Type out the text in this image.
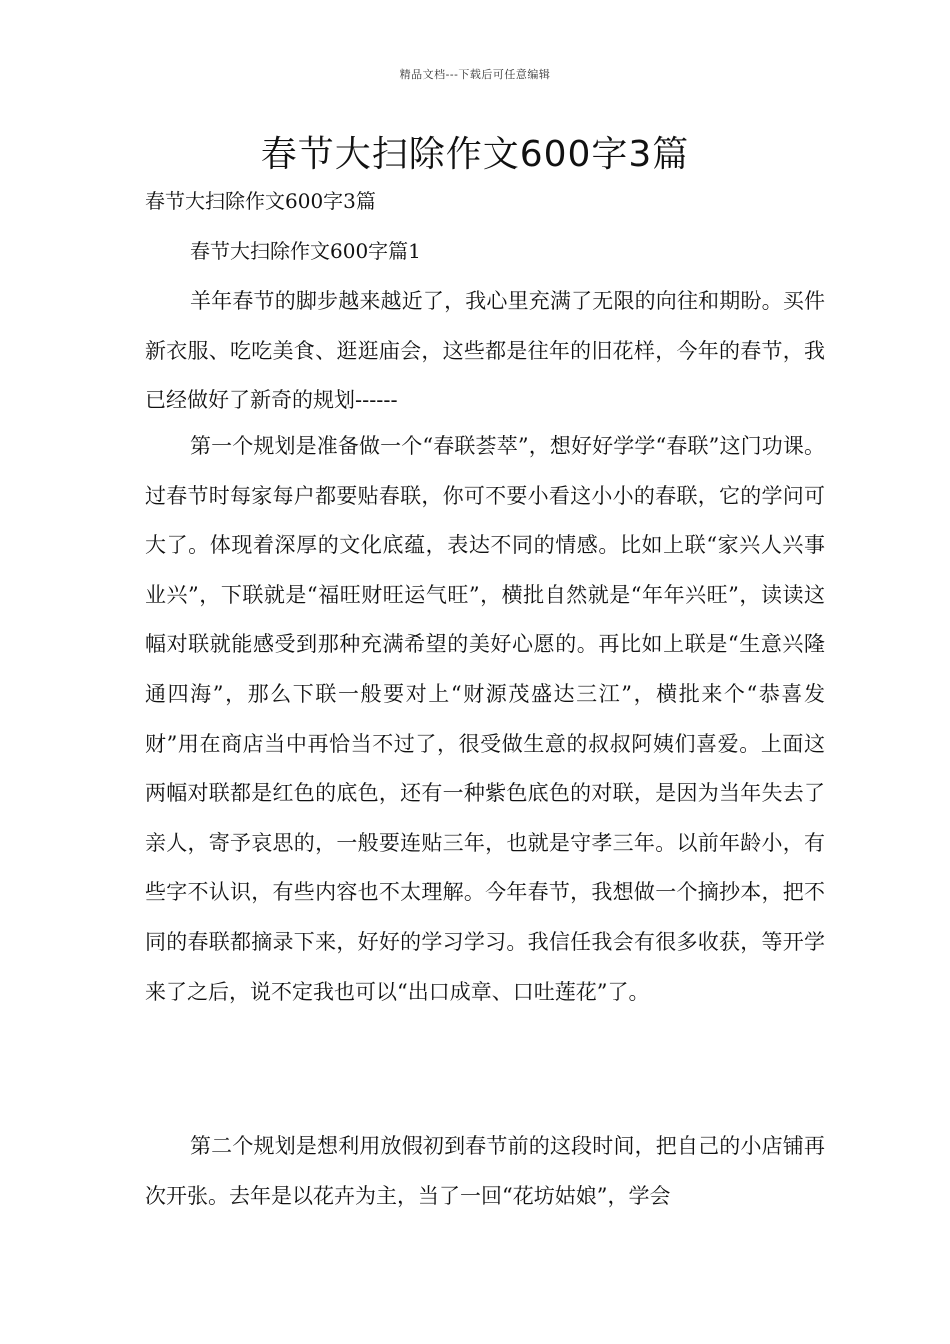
精品文档---下载后可任意编辑
春节大扫除作文600字3篇
春节大扫除作文600字3篇
春节大扫除作文600字篇1

羊年春节的脚步越来越近了，我心里充满了无限的向往和期盼。买件新衣服、吃吃美食、逛逛庙会，这些都是往年的旧花样，今年的春节，我已经做好了新奇的规划------

第一个规划是准备做一个“春联荟萃”，想好好学学“春联”这门功课。过春节时每家每户都要贴春联，你可不要小看这小小的春联，它的学问可大了。体现着深厚的文化底蕴，表达不同的情感。比如上联“家兴人兴事业兴”，下联就是“福旺财旺运气旺”，横批自然就是“年年兴旺”，读读这幅对联就能感受到那种充满希望的美好心愿的。再比如上联是“生意兴隆通四海”，那么下联一般要对上“财源茂盛达三江”，横批来个“恭喜发财”用在商店当中再恰当不过了，很受做生意的叔叔阿姨们喜爱。上面这两幅对联都是红色的底色，还有一种紫色底色的对联，是因为当年失去了亲人，寄予哀思的，一般要连贴三年，也就是守孝三年。以前年龄小，有些字不认识，有些内容也不太理解。今年春节，我想做一个摘抄本，把不同的春联都摘录下来，好好的学习学习。我信任我会有很多收获，等开学来了之后，说不定我也可以“出口成章、口吐莲花”了。

第二个规划是想利用放假初到春节前的这段时间，把自己的小店铺再次开张。去年是以花卉为主，当了一回“花坊姑娘”，学会
